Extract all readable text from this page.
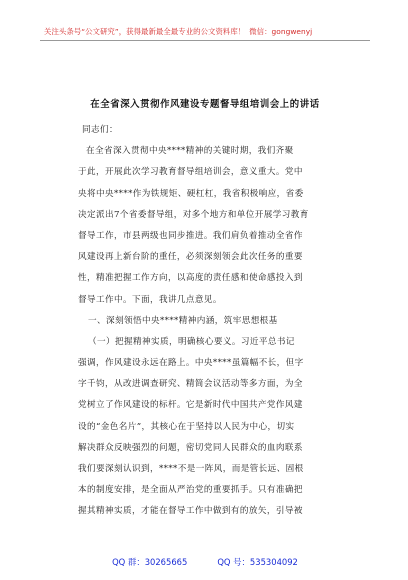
关注头条号“公文研究”，获得最新最全最专业的公文资料库！ 微信：gongwenyj
在全省深入贯彻作风建设专题督导组培训会上的讲话
同志们：
在全省深入贯彻中央****精神的关键时期，我们齐聚
于此，开展此次学习教育督导组培训会，意义重大。党中
央将中央****作为铁规矩、硬杠杠，我省积极响应，省委
决定派出7个省委督导组，对多个地方和单位开展学习教育
督导工作，市县两级也同步推进。我们肩负着推动全省作
风建设再上新台阶的重任，必须深刻领会此次任务的重要
性，精准把握工作方向，以高度的责任感和使命感投入到
督导工作中。下面，我讲几点意见。
一、深刻领悟中央****精神内涵，筑牢思想根基
（一）把握精神实质，明确核心要义。习近平总书记
强调，作风建设永远在路上。中央****虽篇幅不长，但字
字千钧，从改进调查研究、精简会议活动等多方面，为全
党树立了作风建设的标杆。它是新时代中国共产党作风建
设的“金色名片”，其核心在于坚持以人民为中心，切实
解决群众反映强烈的问题，密切党同人民群众的血肉联系
我们要深刻认识到，****不是一阵风，而是管长远、固根
本的制度安排，是全面从严治党的重要抓手。只有准确把
握其精神实质，才能在督导工作中做到有的放矢，引导被
QQ 群：30265665	QQ 号：535304092
